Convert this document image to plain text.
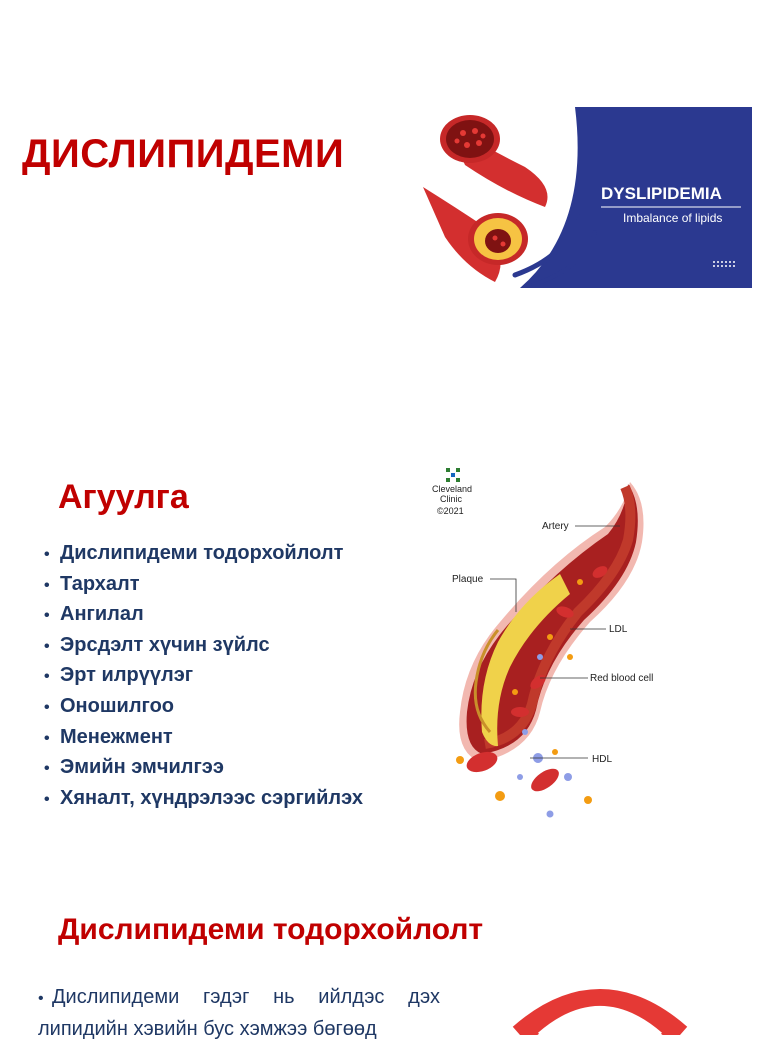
ДИСЛИПИДЕМИ
DYSLIPIDEMIA
Imbalance of lipids
Агуулга
• Дислипидеми тодорхойлолт
• Тархалт
• Ангилал
• Эрсдэлт хүчин зүйлс
• Эрт илрүүлэг
• Оношилгоо
• Менежмент
• Эмийн эмчилгээ
• Хяналт, хүндрэлээс сэргийлэх
Cleveland
Clinic
©2021
Artery
Plaque
LDL
Red blood cell
HDL
Дислипидеми тодорхойлолт
• Дислипидеми гэдэг нь ийлдэс дэх липидийн хэвийн бус хэмжээ бөгөөд
